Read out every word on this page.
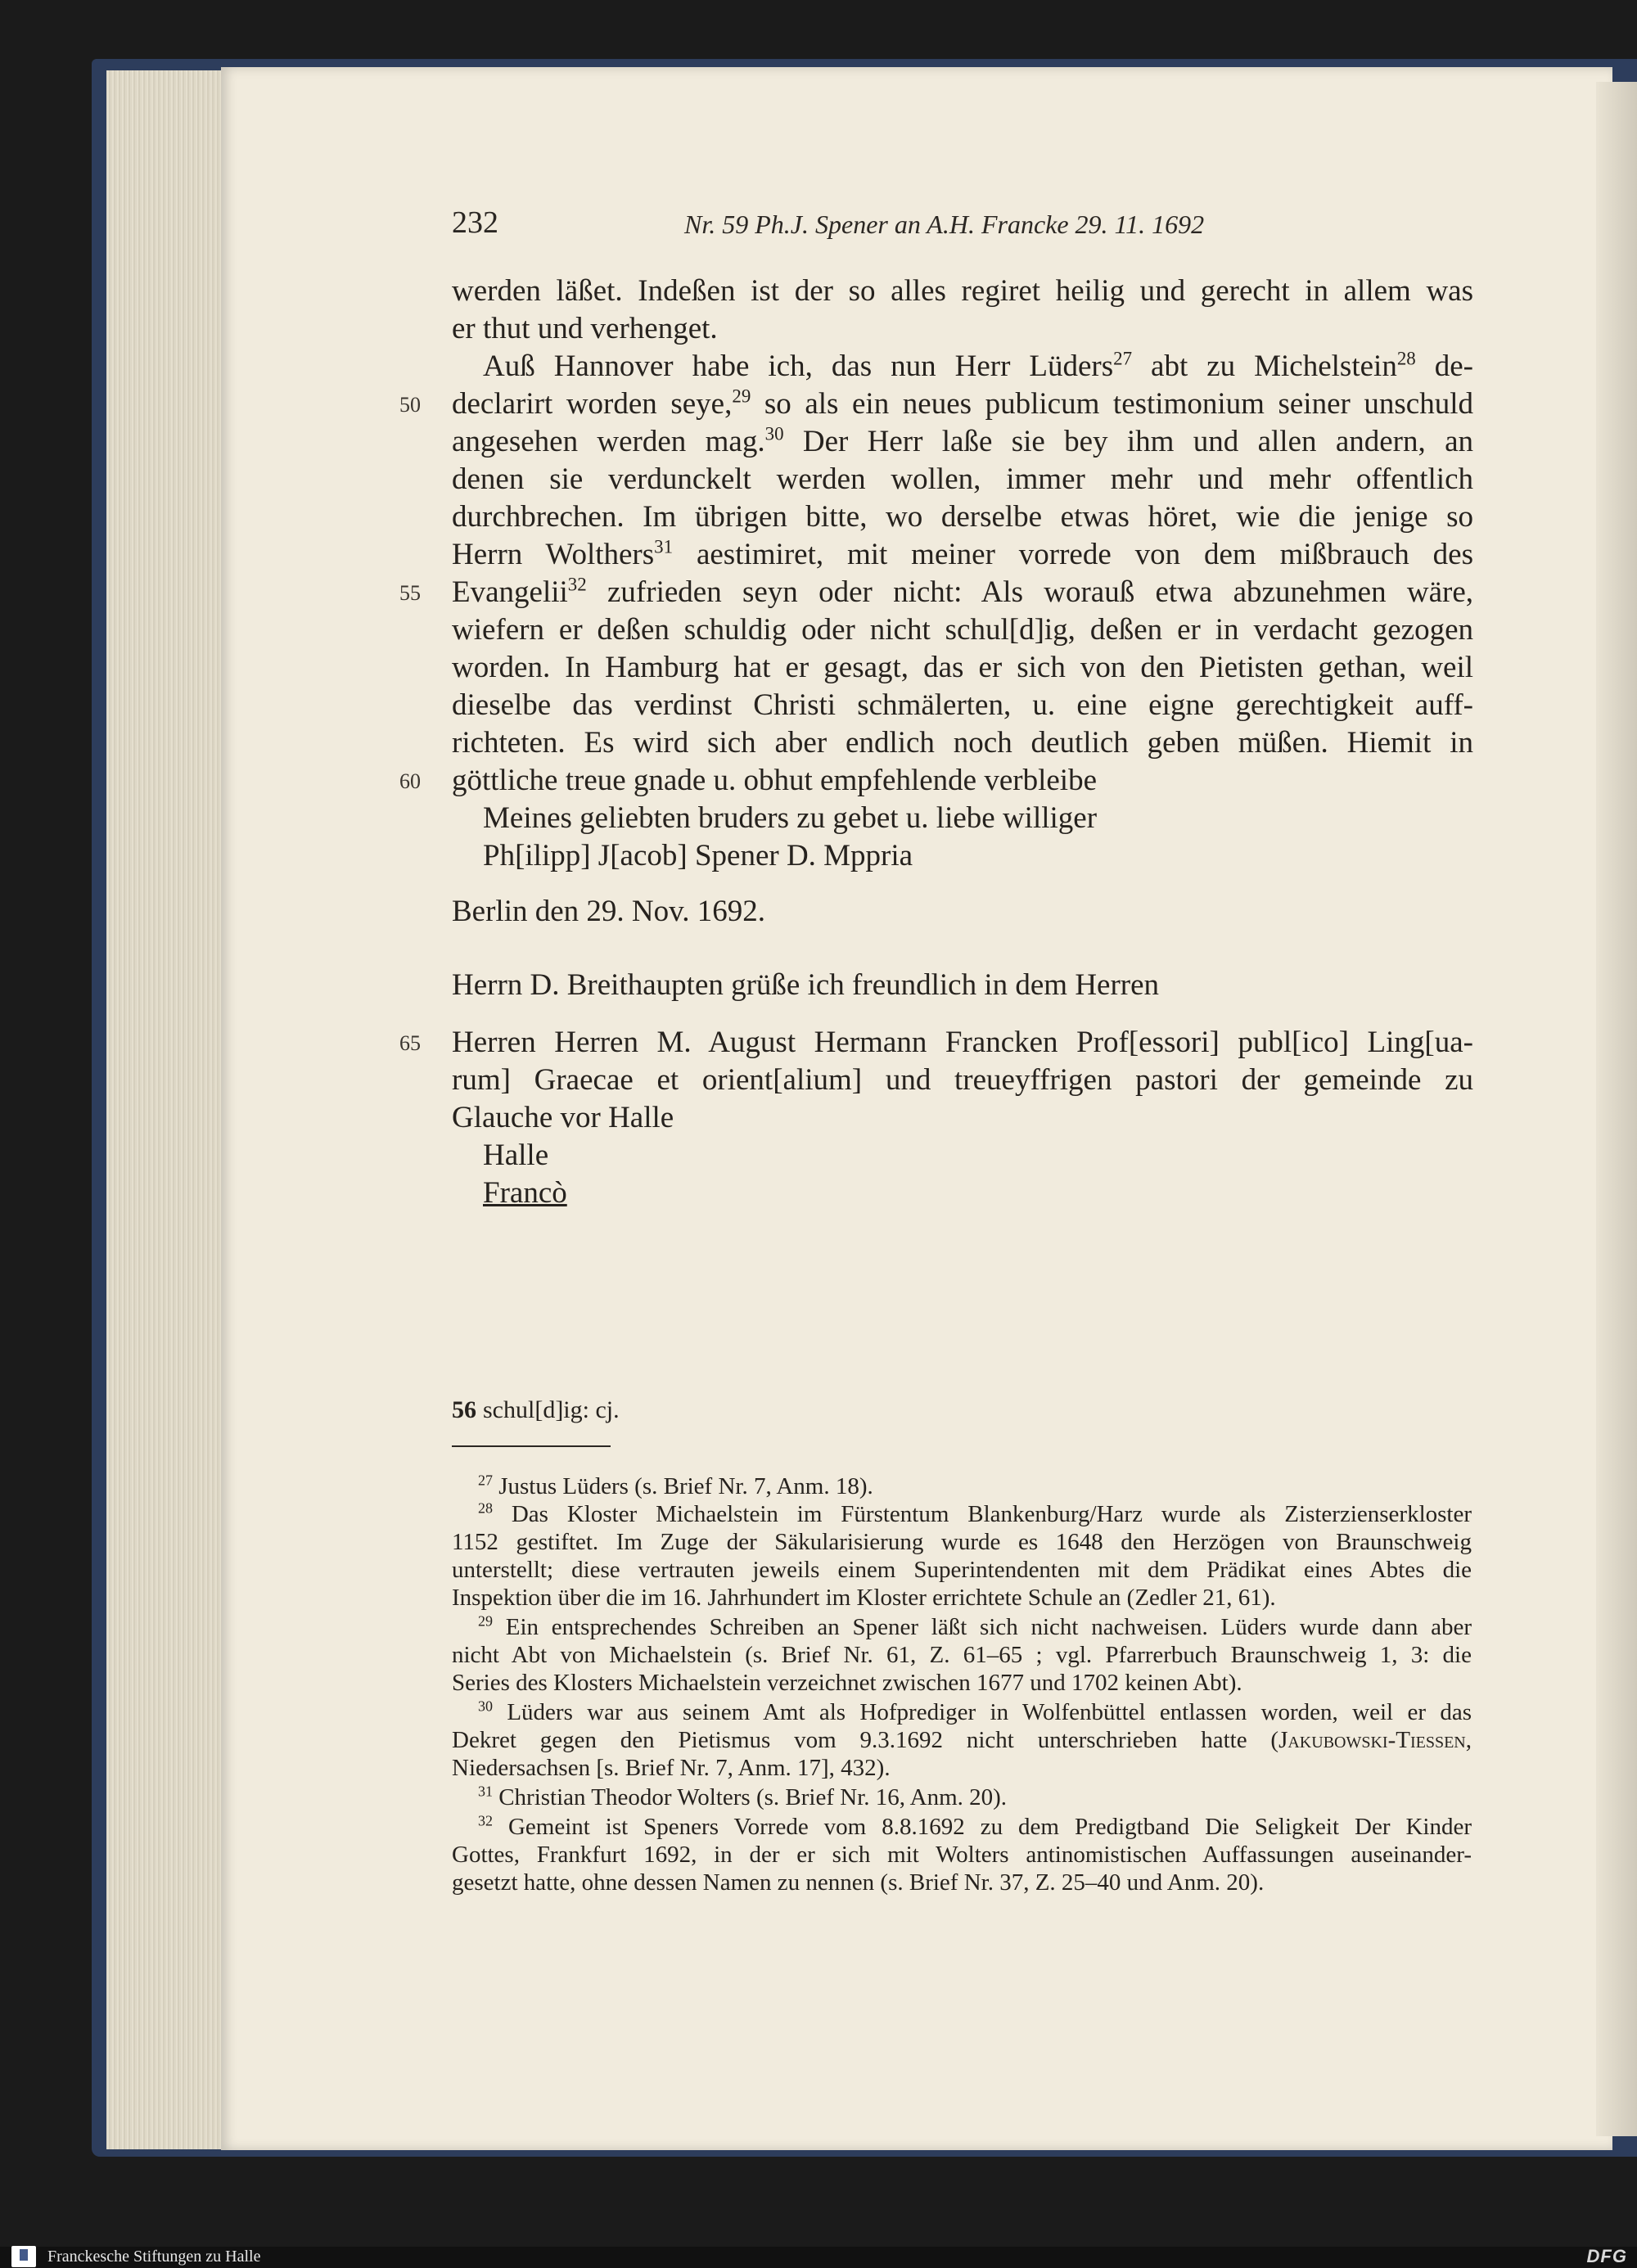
232	Nr. 59 Ph.J. Spener an A.H. Francke 29. 11. 1692

werden läßet. Indeßen ist der so alles regiret heilig und gerecht in allem was

er thut und verhenget.

Auß Hannover habe ich, das nun Herr Lüders$^{27}$ abt zu Michelstein$^{28}$ de-

50 declarirt worden seye,$^{29}$ so als ein neues publicum testimonium seiner unschuld

angesehen werden mag.$^{30}$ Der Herr laße sie bey ihm und allen andern, an

denen sie verdunckelt werden wollen, immer mehr und mehr offentlich

durchbrechen. Im übrigen bitte, wo derselbe etwas höret, wie die jenige so

Herrn Wolthers$^{31}$ aestimiret, mit meiner vorrede von dem mißbrauch des

55 Evangelii$^{32}$ zufrieden seyn oder nicht: Als worauß etwa abzunehmen wäre,

wiefern er deßen schuldig oder nicht schul[d]ig, deßen er in verdacht gezogen

worden. In Hamburg hat er gesagt, das er sich von den Pietisten gethan, weil

dieselbe das verdinst Christi schmälerten, u. eine eigne gerechtigkeit auff-

richteten. Es wird sich aber endlich noch deutlich geben müßen. Hiemit in

60 göttliche treue gnade u. obhut empfehlende verbleibe

Meines geliebten bruders zu gebet u. liebe williger

Ph[ilipp] J[acob] Spener D. Mppria

Berlin den 29. Nov. 1692.

Herrn D. Breithaupten grüße ich freundlich in dem Herren

65 Herren Herren M. August Hermann Francken Prof[essori] publ[ico] Ling[ua-

rum] Graecae et orient[alium] und treueyffrigen pastori der gemeinde zu

Glauche vor Halle

Halle

Francò

56 schul[d]ig: cj.

$^{27}$ Justus Lüders (s. Brief Nr. 7, Anm. 18).

$^{28}$ Das Kloster Michaelstein im Fürstentum Blankenburg/Harz wurde als Zisterzienserkloster

1152 gestiftet. Im Zuge der Säkularisierung wurde es 1648 den Herzögen von Braunschweig

unterstellt; diese vertrauten jeweils einem Superintendenten mit dem Prädikat eines Abtes die

Inspektion über die im 16. Jahrhundert im Kloster errichtete Schule an (Zedler 21, 61).

$^{29}$ Ein entsprechendes Schreiben an Spener läßt sich nicht nachweisen. Lüders wurde dann aber

nicht Abt von Michaelstein (s. Brief Nr. 61, Z. 61–65 ; vgl. Pfarrerbuch Braunschweig 1, 3: die

Series des Klosters Michaelstein verzeichnet zwischen 1677 und 1702 keinen Abt).

$^{30}$ Lüders war aus seinem Amt als Hofprediger in Wolfenbüttel entlassen worden, weil er das

Dekret gegen den Pietismus vom 9.3.1692 nicht unterschrieben hatte (Jakubowski-Tiessen,

Niedersachsen [s. Brief Nr. 7, Anm. 17], 432).

$^{31}$ Christian Theodor Wolters (s. Brief Nr. 16, Anm. 20).

$^{32}$ Gemeint ist Speners Vorrede vom 8.8.1692 zu dem Predigtband Die Seligkeit Der Kinder

Gottes, Frankfurt 1692, in der er sich mit Wolters antinomistischen Auffassungen auseinander-

gesetzt hatte, ohne dessen Namen zu nennen (s. Brief Nr. 37, Z. 25–40 und Anm. 20).

Franckesche Stiftungen zu Halle	DFG
